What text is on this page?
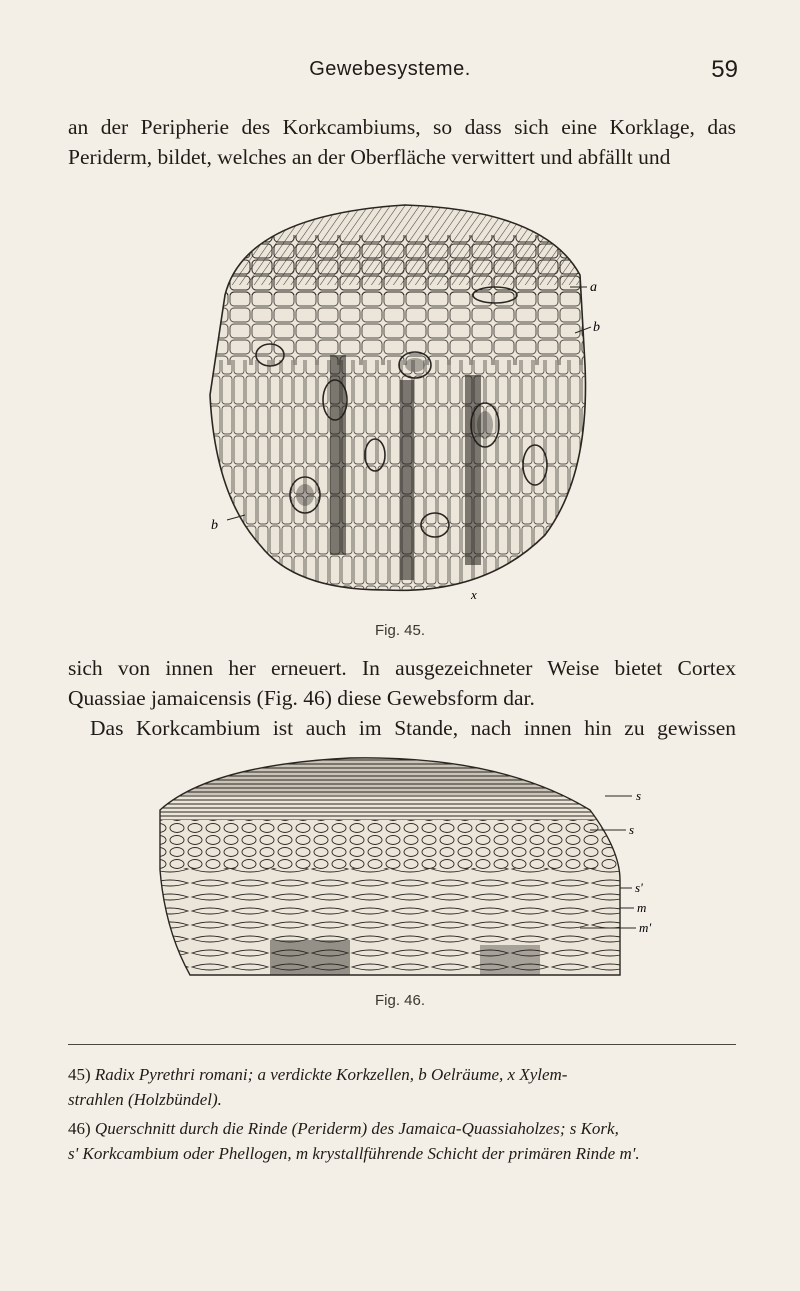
Gewebesysteme.	59

an der Peripherie des Korkcambiums, so dass sich eine Korklage, das
Periderm, bildet, welches an der Oberfläche verwittert und abfällt und

a
b
b
x
Fig. 45.

sich von innen her erneuert. In ausgezeichneter Weise bietet Cortex
Quassiae jamaicensis (Fig. 46) diese Gewebsform dar.
Das Korkcambium ist auch im Stande, nach innen hin zu gewissen

s
s
s'
m
m'
Fig. 46.

45) Radix Pyrethri romani; a verdickte Korkzellen, b Oelräume, x Xylem-
strahlen (Holzbündel).

46) Querschnitt durch die Rinde (Periderm) des Jamaica-Quassiaholzes; s Kork,
s' Korkcambium oder Phellogen, m krystallführende Schicht der primären Rinde m'.
